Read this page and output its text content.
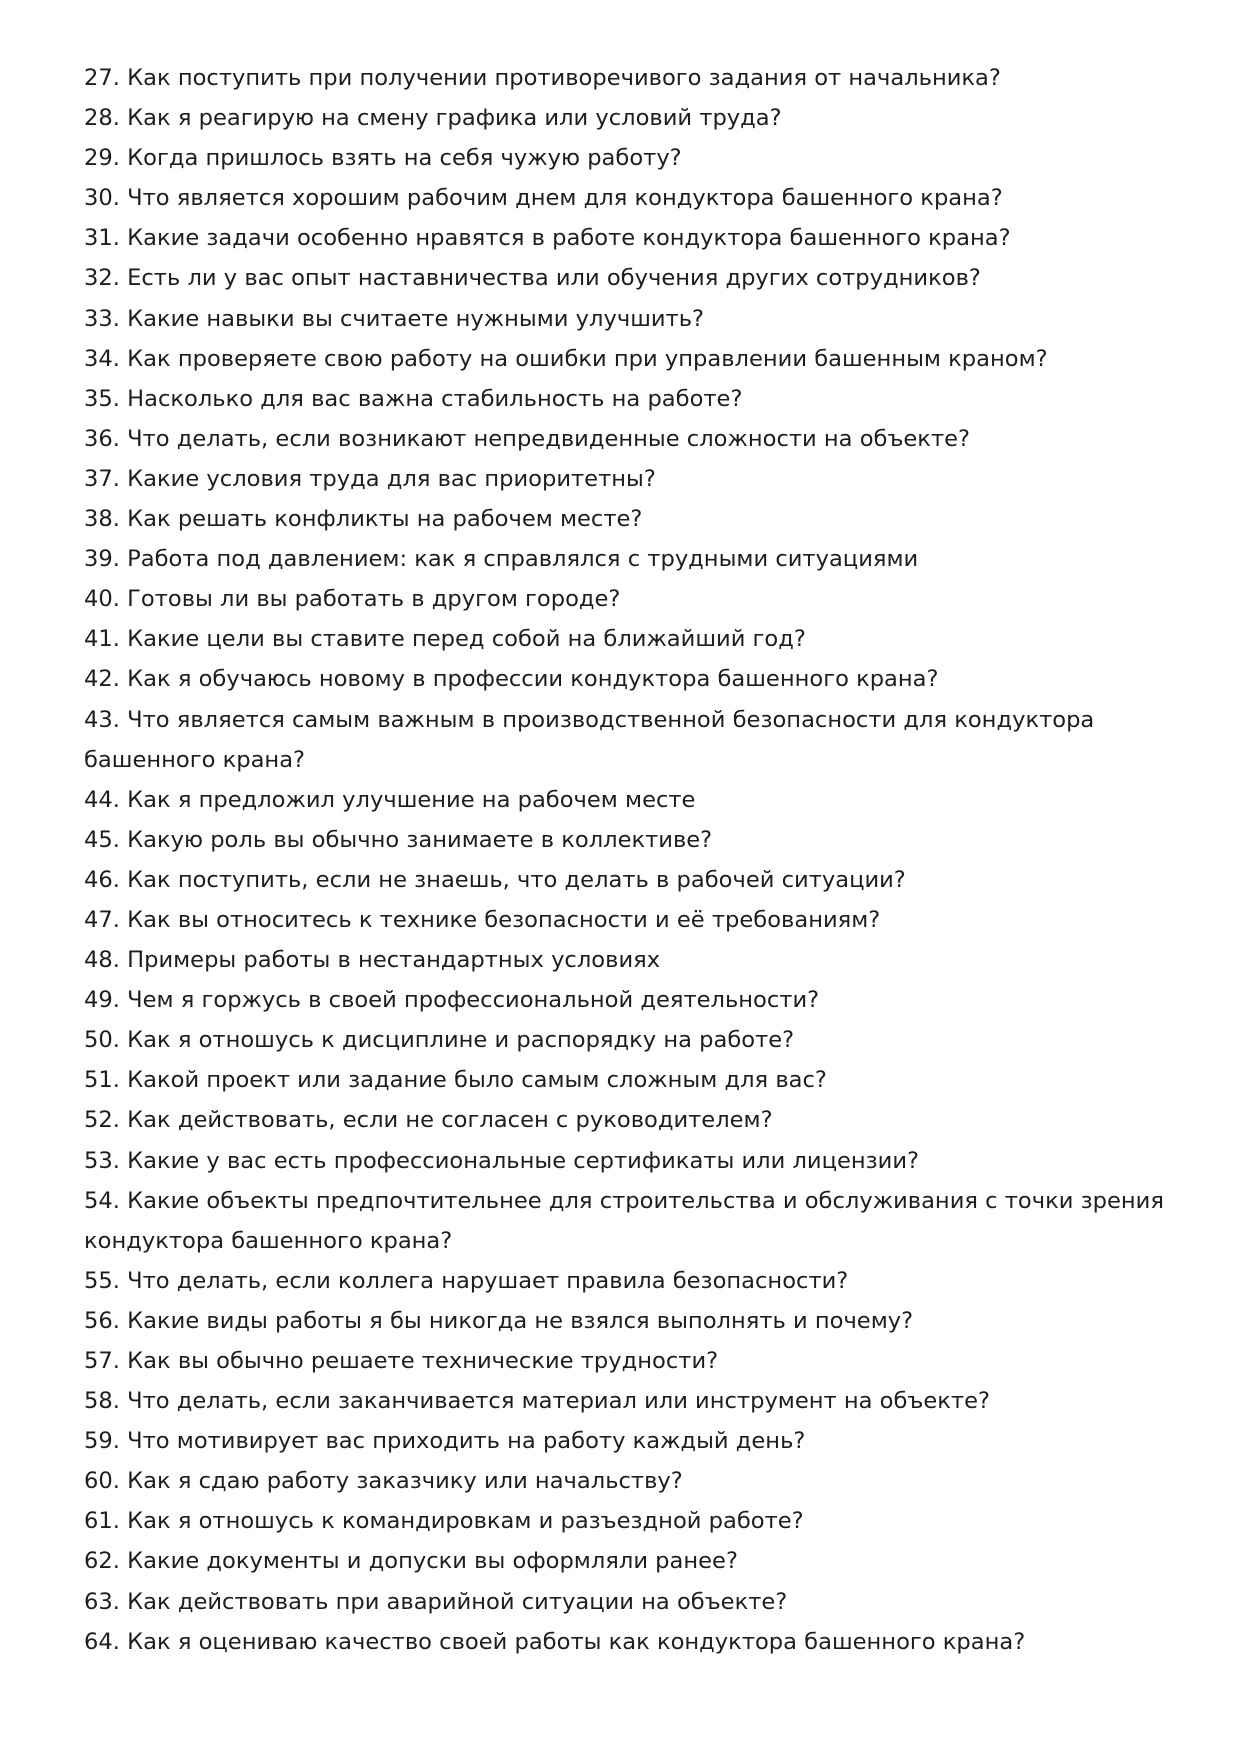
27. Как поступить при получении противоречивого задания от начальника?

28. Как я реагирую на смену графика или условий труда?

29. Когда пришлось взять на себя чужую работу?

30. Что является хорошим рабочим днем для кондуктора башенного крана?

31. Какие задачи особенно нравятся в работе кондуктора башенного крана?

32. Есть ли у вас опыт наставничества или обучения других сотрудников?

33. Какие навыки вы считаете нужными улучшить?

34. Как проверяете свою работу на ошибки при управлении башенным краном?

35. Насколько для вас важна стабильность на работе?

36. Что делать, если возникают непредвиденные сложности на объекте?

37. Какие условия труда для вас приоритетны?

38. Как решать конфликты на рабочем месте?

39. Работа под давлением: как я справлялся с трудными ситуациями

40. Готовы ли вы работать в другом городе?

41. Какие цели вы ставите перед собой на ближайший год?

42. Как я обучаюсь новому в профессии кондуктора башенного крана?

43. Что является самым важным в производственной безопасности для кондуктора башенного крана?

44. Как я предложил улучшение на рабочем месте

45. Какую роль вы обычно занимаете в коллективе?

46. Как поступить, если не знаешь, что делать в рабочей ситуации?

47. Как вы относитесь к технике безопасности и её требованиям?

48. Примеры работы в нестандартных условиях

49. Чем я горжусь в своей профессиональной деятельности?

50. Как я отношусь к дисциплине и распорядку на работе?

51. Какой проект или задание было самым сложным для вас?

52. Как действовать, если не согласен с руководителем?

53. Какие у вас есть профессиональные сертификаты или лицензии?

54. Какие объекты предпочтительнее для строительства и обслуживания с точки зрения кондуктора башенного крана?

55. Что делать, если коллега нарушает правила безопасности?

56. Какие виды работы я бы никогда не взялся выполнять и почему?

57. Как вы обычно решаете технические трудности?

58. Что делать, если заканчивается материал или инструмент на объекте?

59. Что мотивирует вас приходить на работу каждый день?

60. Как я сдаю работу заказчику или начальству?

61. Как я отношусь к командировкам и разъездной работе?

62. Какие документы и допуски вы оформляли ранее?

63. Как действовать при аварийной ситуации на объекте?

64. Как я оцениваю качество своей работы как кондуктора башенного крана?
